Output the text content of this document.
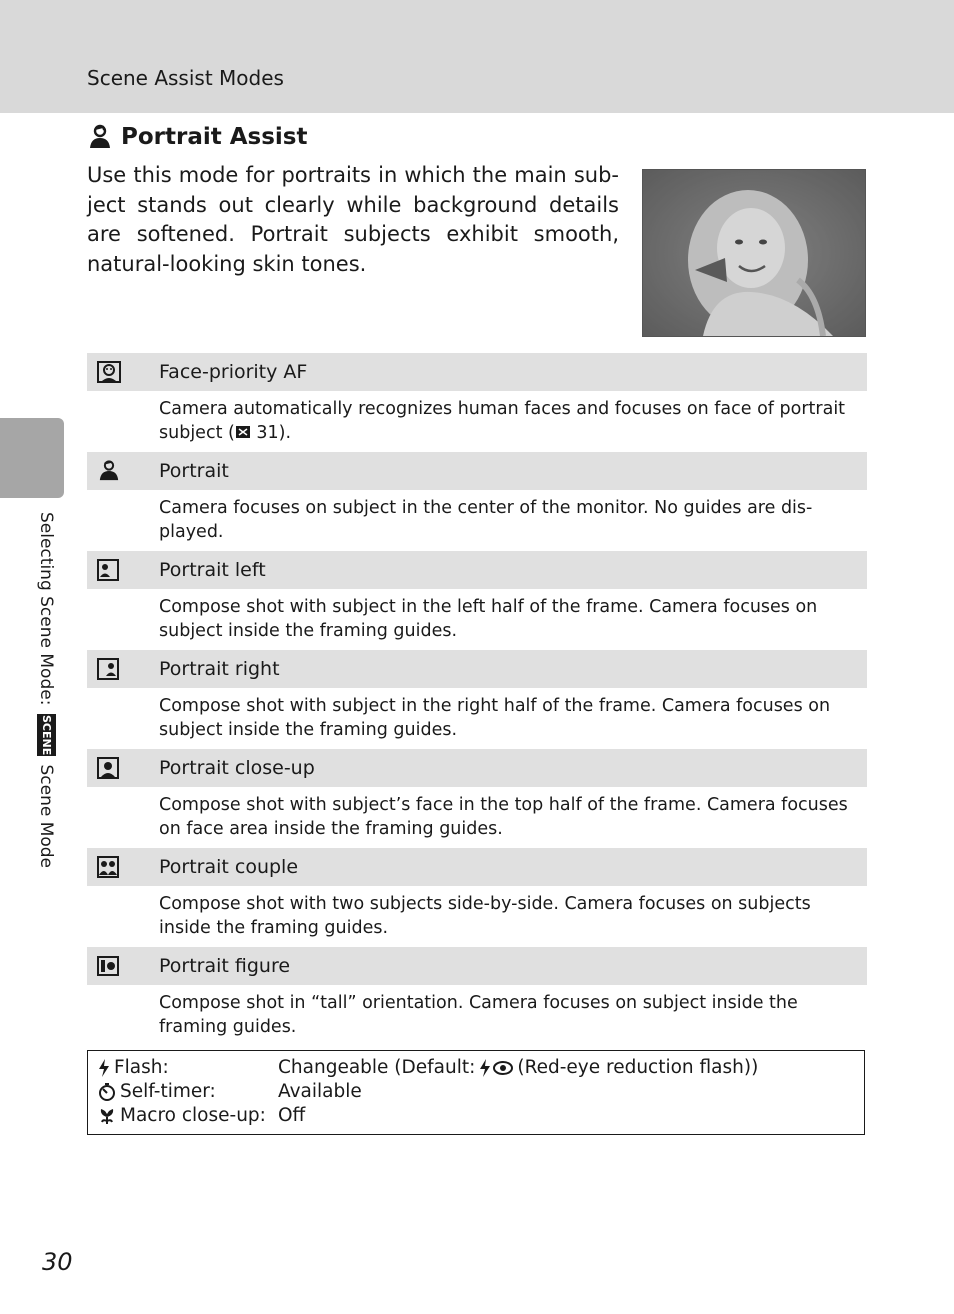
Scene Assist Modes
Selecting Scene Mode: SCENE Scene Mode
Portrait Assist
Use this mode for portraits in which the main sub-ject stands out clearly while background details are softened. Portrait subjects exhibit smooth, natural-looking skin tones.
Face-priority AF
Camera automatically recognizes human faces and focuses on face of portrait subject ( 31).
Portrait
Camera focuses on subject in the center of the monitor. No guides are dis-played.
Portrait left
Compose shot with subject in the left half of the frame. Camera focuses on subject inside the framing guides.
Portrait right
Compose shot with subject in the right half of the frame. Camera focuses on subject inside the framing guides.
Portrait close-up
Compose shot with subject’s face in the top half of the frame. Camera focuses on face area inside the framing guides.
Portrait couple
Compose shot with two subjects side-by-side. Camera focuses on subjects inside the framing guides.
Portrait figure
Compose shot in “tall” orientation. Camera focuses on subject inside the framing guides.
Flash:	Changeable (Default: (Red-eye reduction flash))
Self-timer:	Available
Macro close-up: Off
30
